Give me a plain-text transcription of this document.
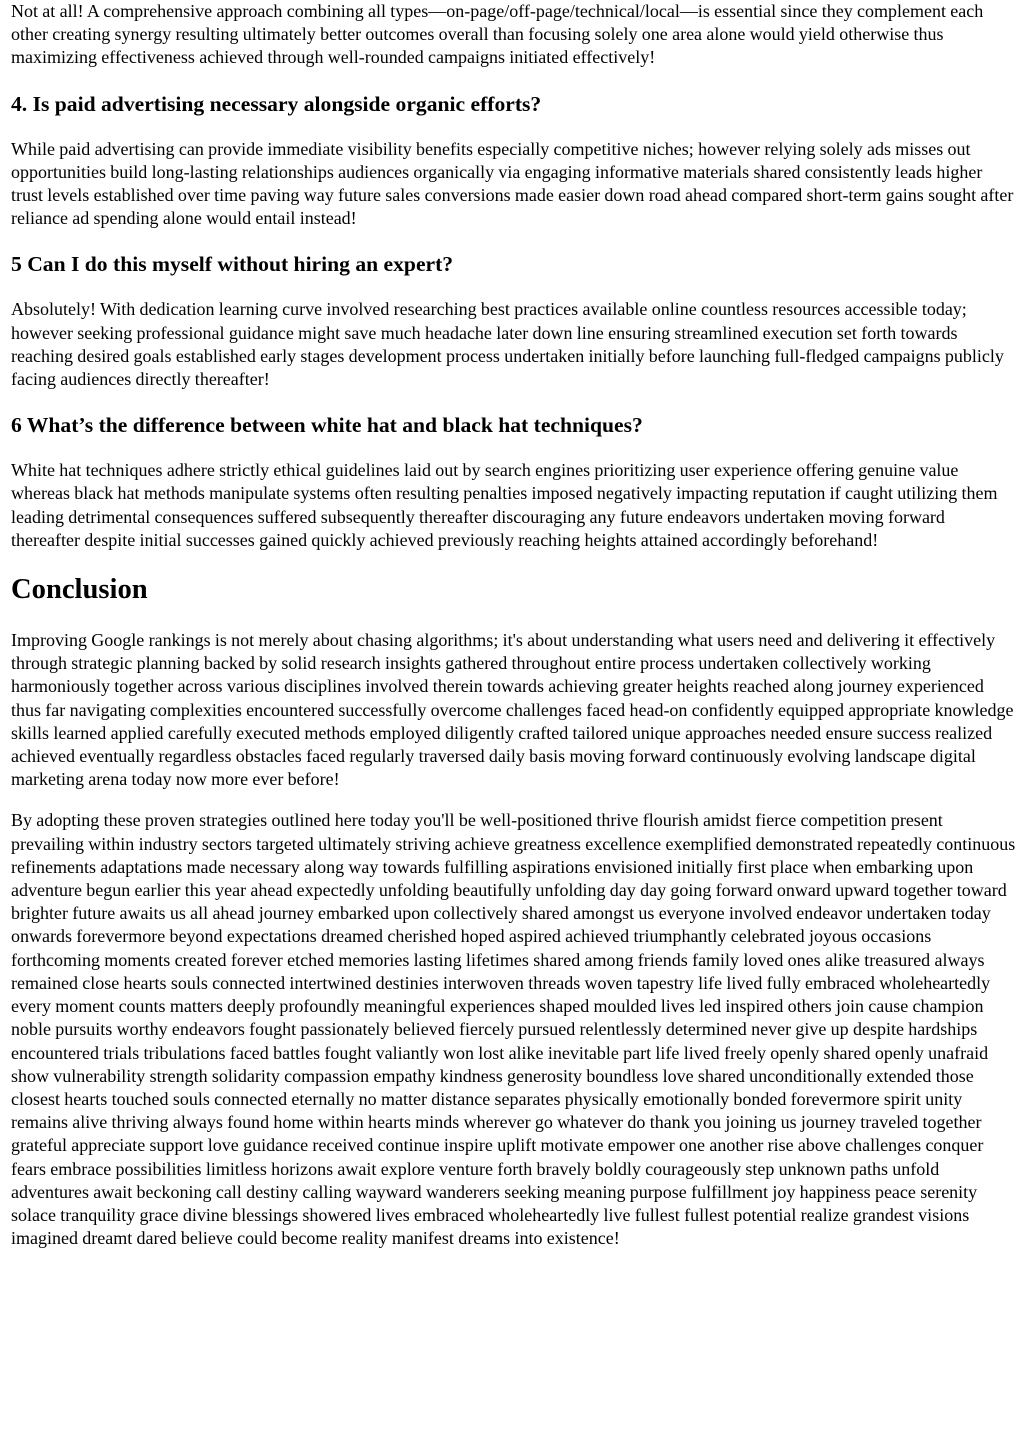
Not at all! A comprehensive approach combining all types—on-page/off-page/technical/local—is essential since they complement each other creating synergy resulting ultimately better outcomes overall than focusing solely one area alone would yield otherwise thus maximizing effectiveness achieved through well-rounded campaigns initiated effectively!

4. Is paid advertising necessary alongside organic efforts?

While paid advertising can provide immediate visibility benefits especially competitive niches; however relying solely ads misses out opportunities build long-lasting relationships audiences organically via engaging informative materials shared consistently leads higher trust levels established over time paving way future sales conversions made easier down road ahead compared short-term gains sought after reliance ad spending alone would entail instead!

5 Can I do this myself without hiring an expert?

Absolutely! With dedication learning curve involved researching best practices available online countless resources accessible today; however seeking professional guidance might save much headache later down line ensuring streamlined execution set forth towards reaching desired goals established early stages development process undertaken initially before launching full-fledged campaigns publicly facing audiences directly thereafter!

6 What’s the difference between white hat and black hat techniques?

White hat techniques adhere strictly ethical guidelines laid out by search engines prioritizing user experience offering genuine value whereas black hat methods manipulate systems often resulting penalties imposed negatively impacting reputation if caught utilizing them leading detrimental consequences suffered subsequently thereafter discouraging any future endeavors undertaken moving forward thereafter despite initial successes gained quickly achieved previously reaching heights attained accordingly beforehand!

Conclusion

Improving Google rankings is not merely about chasing algorithms; it's about understanding what users need and delivering it effectively through strategic planning backed by solid research insights gathered throughout entire process undertaken collectively working harmoniously together across various disciplines involved therein towards achieving greater heights reached along journey experienced thus far navigating complexities encountered successfully overcome challenges faced head-on confidently equipped appropriate knowledge skills learned applied carefully executed methods employed diligently crafted tailored unique approaches needed ensure success realized achieved eventually regardless obstacles faced regularly traversed daily basis moving forward continuously evolving landscape digital marketing arena today now more ever before!

By adopting these proven strategies outlined here today you'll be well-positioned thrive flourish amidst fierce competition present prevailing within industry sectors targeted ultimately striving achieve greatness excellence exemplified demonstrated repeatedly continuous refinements adaptations made necessary along way towards fulfilling aspirations envisioned initially first place when embarking upon adventure begun earlier this year ahead expectedly unfolding beautifully unfolding day day going forward onward upward together toward brighter future awaits us all ahead journey embarked upon collectively shared amongst us everyone involved endeavor undertaken today onwards forevermore beyond expectations dreamed cherished hoped aspired achieved triumphantly celebrated joyous occasions forthcoming moments created forever etched memories lasting lifetimes shared among friends family loved ones alike treasured always remained close hearts souls connected intertwined destinies interwoven threads woven tapestry life lived fully embraced wholeheartedly every moment counts matters deeply profoundly meaningful experiences shaped moulded lives led inspired others join cause champion noble pursuits worthy endeavors fought passionately believed fiercely pursued relentlessly determined never give up despite hardships encountered trials tribulations faced battles fought valiantly won lost alike inevitable part life lived freely openly shared openly unafraid show vulnerability strength solidarity compassion empathy kindness generosity boundless love shared unconditionally extended those closest hearts touched souls connected eternally no matter distance separates physically emotionally bonded forevermore spirit unity remains alive thriving always found home within hearts minds wherever go whatever do thank you joining us journey traveled together grateful appreciate support love guidance received continue inspire uplift motivate empower one another rise above challenges conquer fears embrace possibilities limitless horizons await explore venture forth bravely boldly courageously step unknown paths unfold adventures await beckoning call destiny calling wayward wanderers seeking meaning purpose fulfillment joy happiness peace serenity solace tranquility grace divine blessings showered lives embraced wholeheartedly live fullest fullest potential realize grandest visions imagined dreamt dared believe could become reality manifest dreams into existence!
